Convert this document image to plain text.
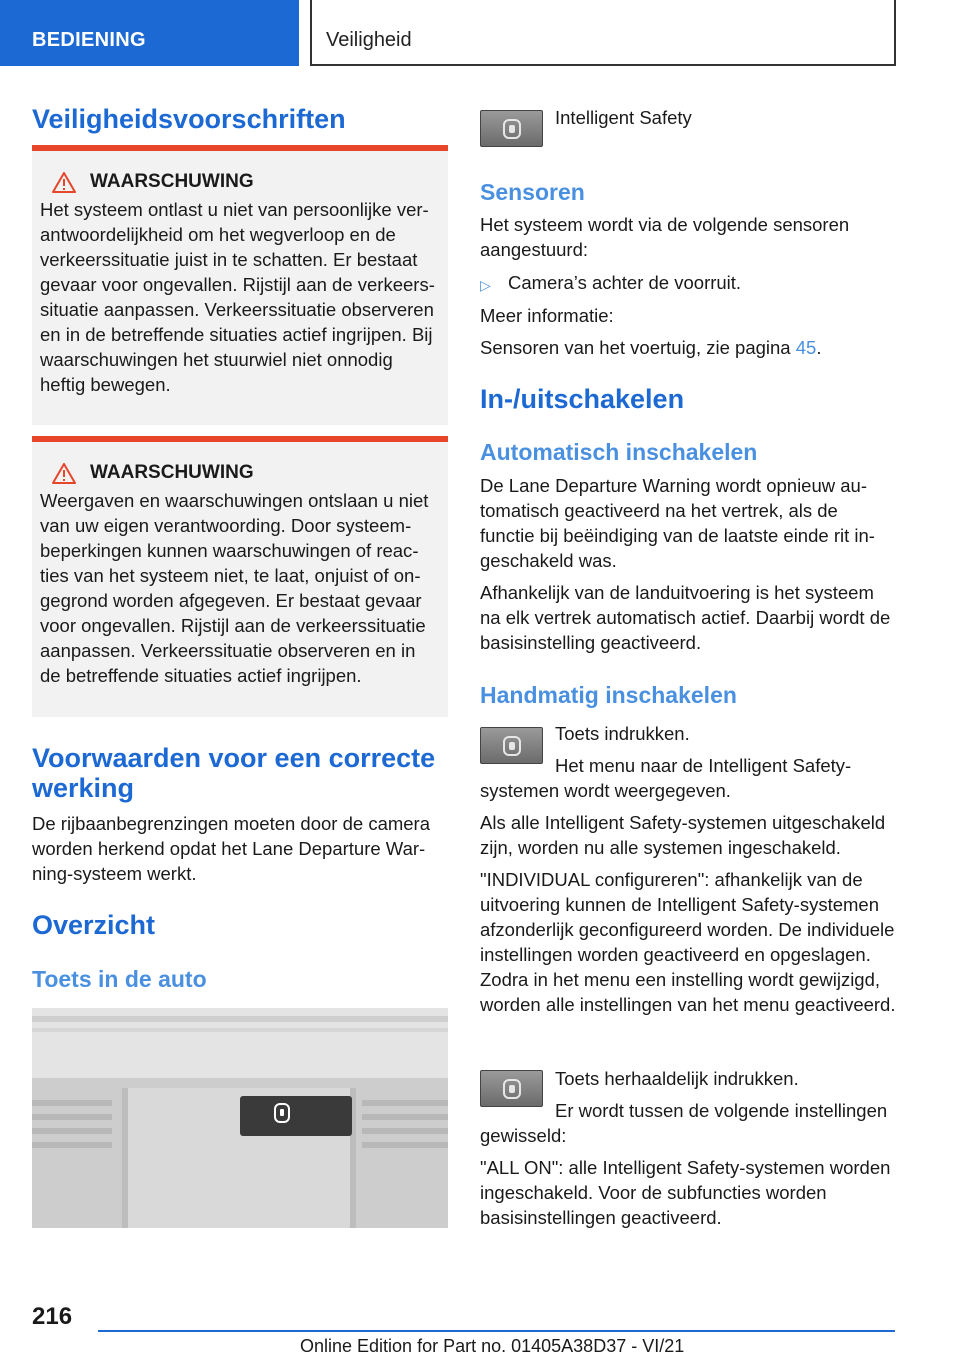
BEDIENING	Veiligheid
Veiligheidsvoorschriften
WAARSCHUWING
Het systeem ontlast u niet van persoonlijke verantwoordelijkheid om het wegverloop en de verkeerssituatie juist in te schatten. Er bestaat gevaar voor ongevallen. Rijstijl aan de verkeerssituatie aanpassen. Verkeerssituatie observeren en in de betreffende situaties actief ingrijpen. Bij waarschuwingen het stuurwiel niet onnodig heftig bewegen.
WAARSCHUWING
Weergaven en waarschuwingen ontslaan u niet van uw eigen verantwoording. Door systeembeperkingen kunnen waarschuwingen of reacties van het systeem niet, te laat, onjuist of ongegrond worden afgegeven. Er bestaat gevaar voor ongevallen. Rijstijl aan de verkeerssituatie aanpassen. Verkeerssituatie observeren en in de betreffende situaties actief ingrijpen.
Voorwaarden voor een correcte werking
De rijbaanbegrenzingen moeten door de camera worden herkend opdat het Lane Departure Warning-systeem werkt.
Overzicht
Toets in de auto
Intelligent Safety
Sensoren
Het systeem wordt via de volgende sensoren aangestuurd:
▷ Camera’s achter de voorruit.
Meer informatie:
Sensoren van het voertuig, zie pagina 45.
In-/uitschakelen
Automatisch inschakelen
De Lane Departure Warning wordt opnieuw automatisch geactiveerd na het vertrek, als de functie bij beëindiging van de laatste einde rit ingeschakeld was.
Afhankelijk van de landuitvoering is het systeem na elk vertrek automatisch actief. Daarbij wordt de basisinstelling geactiveerd.
Handmatig inschakelen
Toets indrukken.
Het menu naar de Intelligent Safety-systemen wordt weergegeven.
Als alle Intelligent Safety-systemen uitgeschakeld zijn, worden nu alle systemen ingeschakeld.
"INDIVIDUAL configureren": afhankelijk van de uitvoering kunnen de Intelligent Safety-systemen afzonderlijk geconfigureerd worden. De individuele instellingen worden geactiveerd en opgeslagen. Zodra in het menu een instelling wordt gewijzigd, worden alle instellingen van het menu geactiveerd.
Toets herhaaldelijk indrukken.
Er wordt tussen de volgende instellingen gewisseld:
"ALL ON": alle Intelligent Safety-systemen worden ingeschakeld. Voor de subfuncties worden basisinstellingen geactiveerd.
216
Online Edition for Part no. 01405A38D37 - VI/21
